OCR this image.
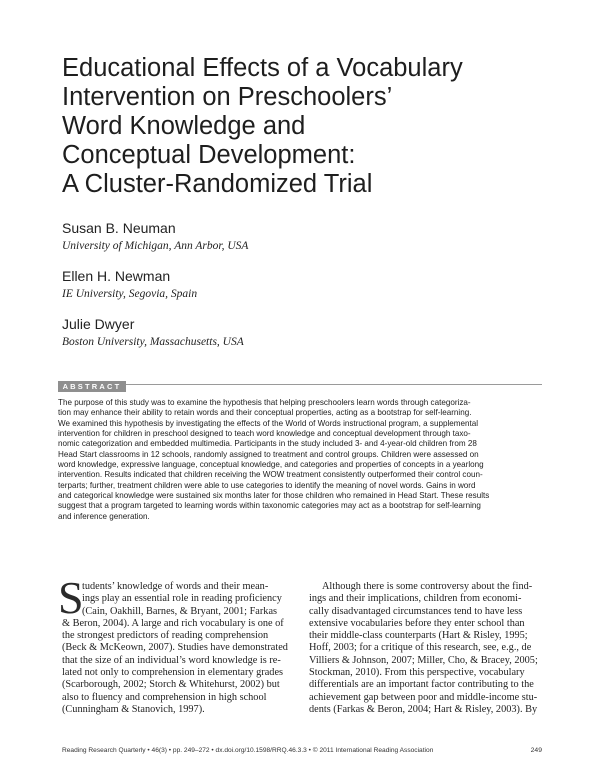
Educational Effects of a Vocabulary
Intervention on Preschoolers’
Word Knowledge and
Conceptual Development:
A Cluster-Randomized Trial
Susan B. Neuman
University of Michigan, Ann Arbor, USA
Ellen H. Newman
IE University, Segovia, Spain
Julie Dwyer
Boston University, Massachusetts, USA
ABSTRACT
The purpose of this study was to examine the hypothesis that helping preschoolers learn words through categoriza-
tion may enhance their ability to retain words and their conceptual properties, acting as a bootstrap for self-learning.
We examined this hypothesis by investigating the effects of the World of Words instructional program, a supplemental
intervention for children in preschool designed to teach word knowledge and conceptual development through taxo-
nomic categorization and embedded multimedia. Participants in the study included 3- and 4-year-old children from 28
Head Start classrooms in 12 schools, randomly assigned to treatment and control groups. Children were assessed on
word knowledge, expressive language, conceptual knowledge, and categories and properties of concepts in a yearlong
intervention. Results indicated that children receiving the WOW treatment consistently outperformed their control coun-
terparts; further, treatment children were able to use categories to identify the meaning of novel words. Gains in word
and categorical knowledge were sustained six months later for those children who remained in Head Start. These results
suggest that a program targeted to learning words within taxonomic categories may act as a bootstrap for self-learning
and inference generation.
S
tudents’ knowledge of words and their mean-
ings play an essential role in reading proficiency
(Cain, Oakhill, Barnes, & Bryant, 2001; Farkas
& Beron, 2004). A large and rich vocabulary is one of
the strongest predictors of reading comprehension
(Beck & McKeown, 2007). Studies have demonstrated
that the size of an individual’s word knowledge is re-
lated not only to comprehension in elementary grades
(Scarborough, 2002; Storch & Whitehurst, 2002) but
also to fluency and comprehension in high school
(Cunningham & Stanovich, 1997).
Although there is some controversy about the find-
ings and their implications, children from economi-
cally disadvantaged circumstances tend to have less
extensive vocabularies before they enter school than
their middle-class counterparts (Hart & Risley, 1995;
Hoff, 2003; for a critique of this research, see, e.g., de
Villiers & Johnson, 2007; Miller, Cho, & Bracey, 2005;
Stockman, 2010). From this perspective, vocabulary
differentials are an important factor contributing to the
achievement gap between poor and middle-income stu-
dents (Farkas & Beron, 2004; Hart & Risley, 2003). By
Reading Research Quarterly • 46(3) • pp. 249–272 • dx.doi.org/10.1598/RRQ.46.3.3 • © 2011 International Reading Association	249
